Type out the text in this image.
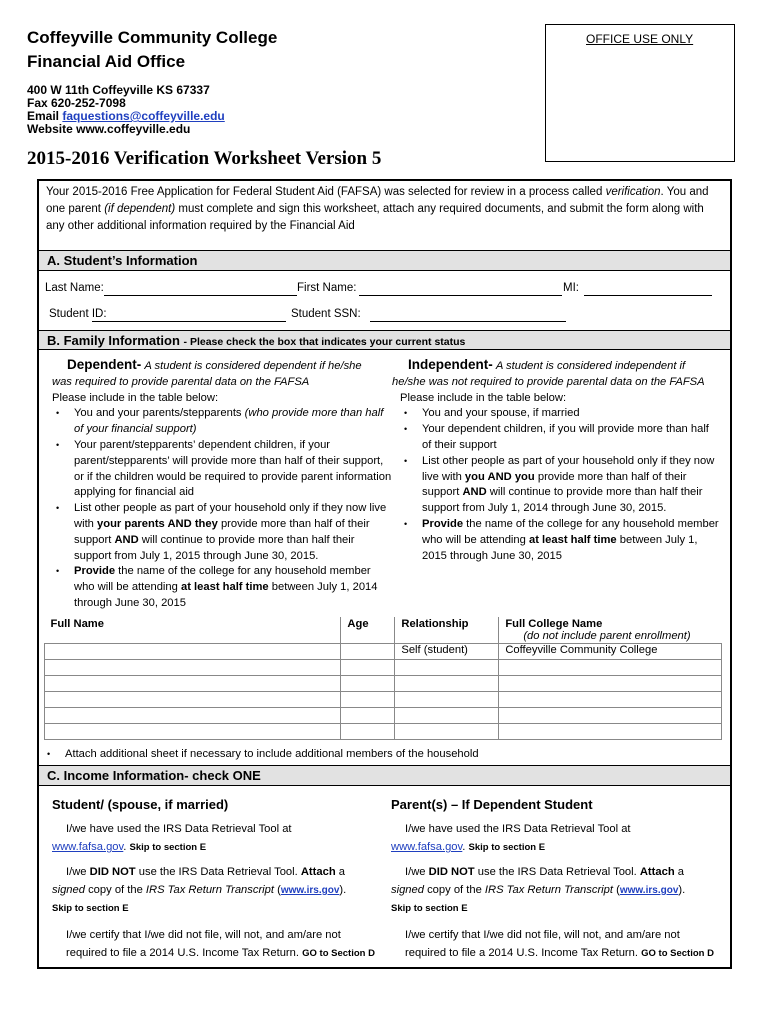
Coffeyville Community College
Financial Aid Office
400 W 11th Coffeyville KS 67337
Fax 620-252-7098
Email faquestions@coffeyville.edu
Website www.coffeyville.edu
OFFICE USE ONLY
2015-2016 Verification Worksheet Version 5
Your 2015-2016 Free Application for Federal Student Aid (FAFSA) was selected for review in a process called verification. You and one parent (if dependent) must complete and sign this worksheet, attach any required documents, and submit the form along with any other additional information required by the Financial Aid
A. Student’s Information
Last Name:	First Name:	MI:
Student ID:	Student SSN:
B. Family Information - Please check the box that indicates your current status

Dependent- A student is considered dependent if he/she

was required to provide parental data on the FAFSA

Please include in the table below:

• You and your parents/stepparents (who provide more than half of your financial support)
• Your parent/stepparents’ dependent children, if your parent/stepparents’ will provide more than half of their support, or if the children would be required to provide parent information applying for financial aid
• List other people as part of your household only if they now live with your parents AND they provide more than half of their support AND will continue to provide more than half their support from July 1, 2015 through June 30, 2015.
• Provide the name of the college for any household member who will be attending at least half time between July 1, 2014 through June 30, 2015

Independent- A student is considered independent if

he/she was not required to provide parental data on the FAFSA

Please include in the table below:

• You and your spouse, if married
• Your dependent children, if you will provide more than half of their support
• List other people as part of your household only if they now live with you AND you provide more than half of their support AND will continue to provide more than half their support from July 1, 2014 through June 30, 2015.
• Provide the name of the college for any household member who will be attending at least half time between July 1, 2015 through June 30, 2015
Full Name	Age	Relationship	Full College Name
(do not include parent enrollment)
		Self (student)	Coffeyville Community College

• Attach additional sheet if necessary to include additional members of the household
C. Income Information- check ONE
Student/ (spouse, if married)
I/we have used the IRS Data Retrieval Tool at
www.fafsa.gov. Skip to section E
I/we DID NOT use the IRS Data Retrieval Tool. Attach a
signed copy of the IRS Tax Return Transcript (www.irs.gov).
Skip to section E
I/we certify that I/we did not file, will not, and am/are not required to file a 2014 U.S. Income Tax Return. GO to Section D
Parent(s) – If Dependent Student
I/we have used the IRS Data Retrieval Tool at
www.fafsa.gov. Skip to section E
I/we DID NOT use the IRS Data Retrieval Tool. Attach a
signed copy of the IRS Tax Return Transcript (www.irs.gov).
Skip to section E
I/we certify that I/we did not file, will not, and am/are not required to file a 2014 U.S. Income Tax Return. GO to Section D
